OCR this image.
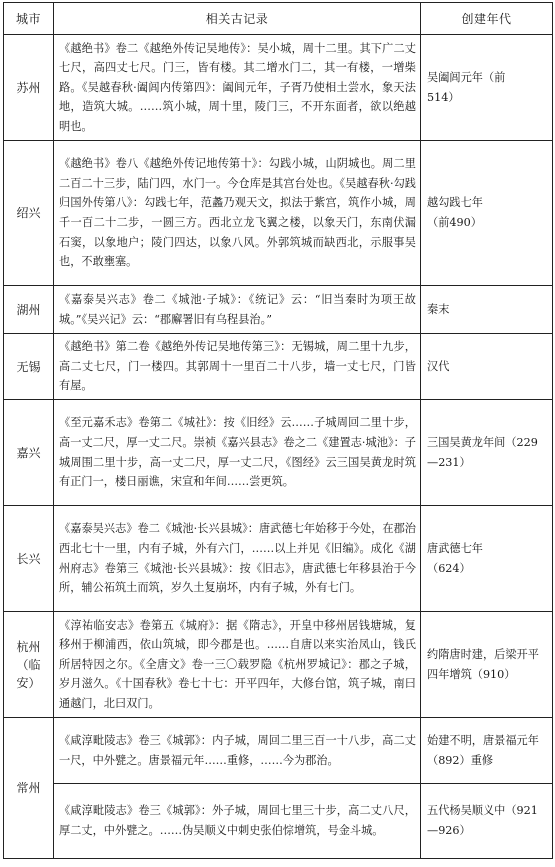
城市	相关古记录	创建年代
苏州	《越绝书》卷二《越绝外传记吴地传》：吴小城，周十二里。其下广二丈七尺，高四丈七尺。门三，皆有楼。其二增水门二，其一有楼，一增柴路。《吴越春秋·阖闾内传第四》：阖闾元年，子胥乃使相土尝水，象天法地，造筑大城。……筑小城，周十里，陵门三，不开东面者，欲以绝越明也。	吴阖闾元年（前514）
绍兴	《越绝书》卷八《越绝外传记地传第十》：勾践小城，山阴城也。周二里二百二十三步，陆门四，水门一。今仓库是其宫台处也。《吴越春秋·勾践归国外传第八》：勾践七年，范蠡乃观天文，拟法于紫宫，筑作小城，周千一百二十二步，一圆三方。西北立龙飞翼之楼，以象天门，东南伏漏石窦，以象地户；陵门四达，以象八风。外郭筑城而缺西北，示服事吴也，不敢壅塞。	越勾践七年（前490）
湖州	《嘉泰吴兴志》卷二《城池·子城》：《统记》云：“旧当秦时为项王故城。”《吴兴记》云：“郡廨署旧有乌程县治。”	秦末
无锡	《越绝书》第二卷《越绝外传记吴地传第三》：无锡城，周二里十九步，高二丈七尺，门一楼四。其郭周十一里百二十八步，墙一丈七尺，门皆有屋。	汉代
嘉兴	《至元嘉禾志》卷第二《城社》：按《旧经》云……子城周回二里十步，高一丈二尺，厚一丈二尺。崇祯《嘉兴县志》卷之二《建置志·城池》：子城周围二里十步，高一丈二尺，厚一丈二尺，《图经》云三国吴黄龙时筑有正门一，楼日丽谯，宋宣和年间……尝更筑。	三国吴黄龙年间（229—231）
长兴	《嘉泰吴兴志》卷二《城池·长兴县城》：唐武德七年始移于今处，在郡治西北七十一里，内有子城，外有六门，……以上并见《旧编》。成化《湖州府志》卷第三《城池·长兴县城》：按《旧志》，唐武德七年移县治于今所，辅公祏筑土而筑，岁久土复崩坏，内有子城，外有七门。	唐武德七年（624）
杭州（临安）	《淳祐临安志》卷第五《城府》：据《隋志》，开皇中移州居钱塘城，复移州于柳浦西，依山筑城，即今郡是也。……自唐以来实治凤山，钱氏所居特因之尔。《全唐文》卷一三〇载罗隐《杭州罗城记》：郡之子城，岁月滋久。《十国春秋》卷七十七：开平四年，大修台馆，筑子城，南曰通越门，北曰双门。	约隋唐时建，后梁开平四年增筑（910）
常州	《咸淳毗陵志》卷三《城郭》：内子城，周回二里三百一十八步，高二丈一尺，中外甓之。唐景福元年……重修，……今为郡治。	始建不明，唐景福元年（892）重修
	《咸淳毗陵志》卷三《城郭》：外子城，周回七里三十步，高二丈八尺，厚二丈，中外甓之。……伪吴顺义中刺史张伯悰增筑，号金斗城。	五代杨吴顺义中（921—926）
